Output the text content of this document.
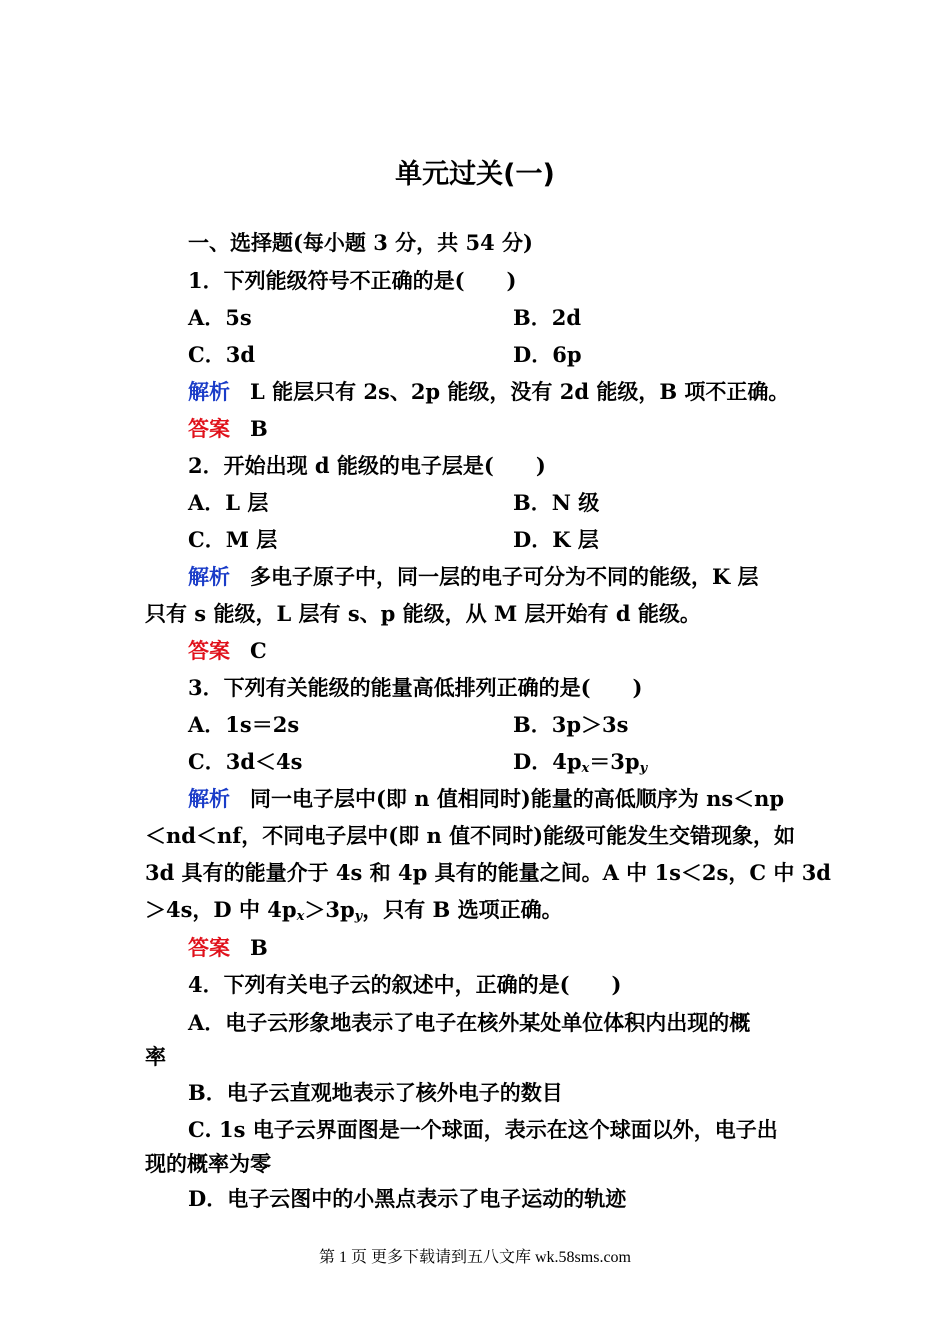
单元过关(一)
一、选择题(每小题 3 分，共 54 分)
1．下列能级符号不正确的是(　　)
A．5s	B．2d
C．3d	D．6p
解析 L 能层只有 2s、2p 能级，没有 2d 能级，B 项不正确。
答案 B
2．开始出现 d 能级的电子层是(　　)
A．L 层	B．N 级
C．M 层	D．K 层
解析 多电子原子中，同一层的电子可分为不同的能级，K 层
只有 s 能级，L 层有 s、p 能级，从 M 层开始有 d 能级。
答案 C
3．下列有关能级的能量高低排列正确的是(　　)
A．1s＝2s	B．3p＞3s
C．3d＜4s	D．$4p_x=3p_y$
解析 同一电子层中(即 n 值相同时)能量的高低顺序为 ns＜np
＜nd＜nf，不同电子层中(即 n 值不同时)能级可能发生交错现象，如
3d 具有的能量介于 4s 和 4p 具有的能量之间。A 中 1s＜2s，C 中 3d
＞4s，D 中 $4p_x>3p_y$，只有 B 选项正确。
答案 B
4．下列有关电子云的叙述中，正确的是(　　)
A．电子云形象地表示了电子在核外某处单位体积内出现的概
率
B．电子云直观地表示了核外电子的数目
C. 1s 电子云界面图是一个球面，表示在这个球面以外，电子出
现的概率为零
D．电子云图中的小黑点表示了电子运动的轨迹
第 1 页 更多下载请到五八文库 wk.58sms.com
